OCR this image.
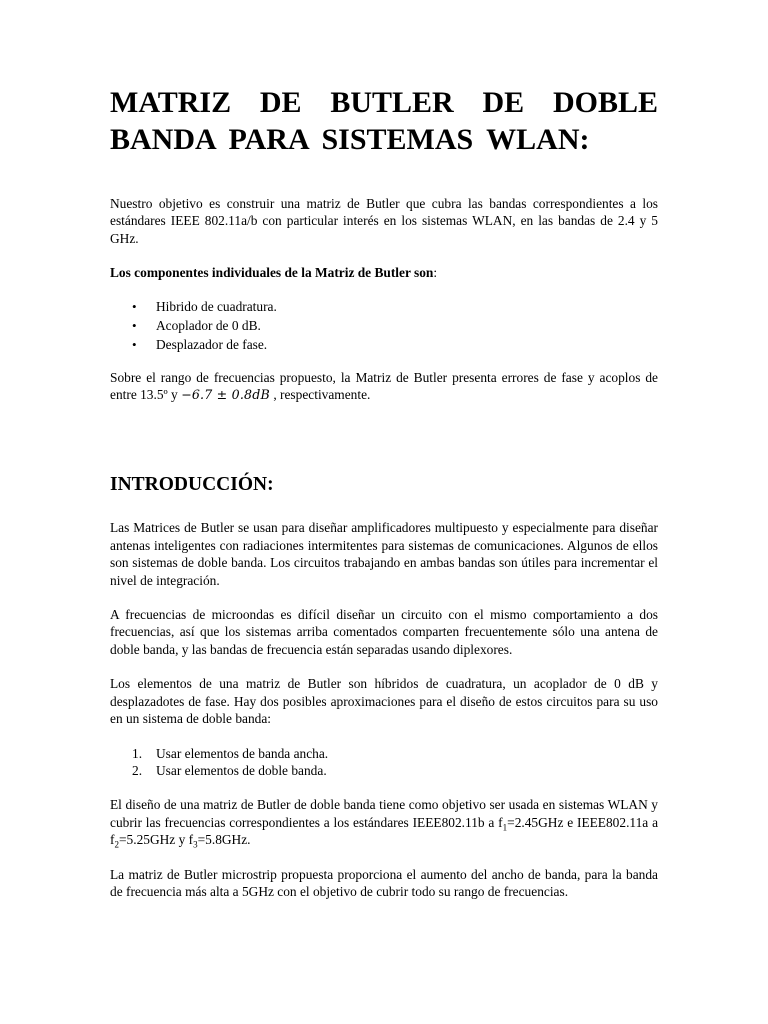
MATRIZ DE BUTLER DE DOBLE
BANDA PARA SISTEMAS WLAN:

Nuestro objetivo es construir una matriz de Butler que cubra las bandas correspondientes a los estándares IEEE 802.11a/b con particular interés en los sistemas WLAN, en las bandas de 2.4 y 5 GHz.

Los componentes individuales de la Matriz de Butler son:

• Hibrido de cuadratura.
• Acoplador de 0 dB.
• Desplazador de fase.

Sobre el rango de frecuencias propuesto, la Matriz de Butler presenta errores de fase y acoplos de entre 13.5º y −6.7 ± 0.8dB , respectivamente.

INTRODUCCIÓN:

Las Matrices de Butler se usan para diseñar amplificadores multipuesto y especialmente para diseñar antenas inteligentes con radiaciones intermitentes para sistemas de comunicaciones. Algunos de ellos son sistemas de doble banda. Los circuitos trabajando en ambas bandas son útiles para incrementar el nivel de integración.

A frecuencias de microondas es difícil diseñar un circuito con el mismo comportamiento a dos frecuencias, así que los sistemas arriba comentados comparten frecuentemente sólo una antena de doble banda, y las bandas de frecuencia están separadas usando diplexores.

Los elementos de una matriz de Butler son híbridos de cuadratura, un acoplador de 0 dB y desplazadotes de fase. Hay dos posibles aproximaciones para el diseño de estos circuitos para su uso en un sistema de doble banda:

1. Usar elementos de banda ancha.
2. Usar elementos de doble banda.

El diseño de una matriz de Butler de doble banda tiene como objetivo ser usada en sistemas WLAN y cubrir las frecuencias correspondientes a los estándares IEEE802.11b a $f_1=2.45GHz$ e IEEE802.11a a $f_2=5.25GHz$ y $f_3=5.8GHz$.

La matriz de Butler microstrip propuesta proporciona el aumento del ancho de banda, para la banda de frecuencia más alta a 5GHz con el objetivo de cubrir todo su rango de frecuencias.
